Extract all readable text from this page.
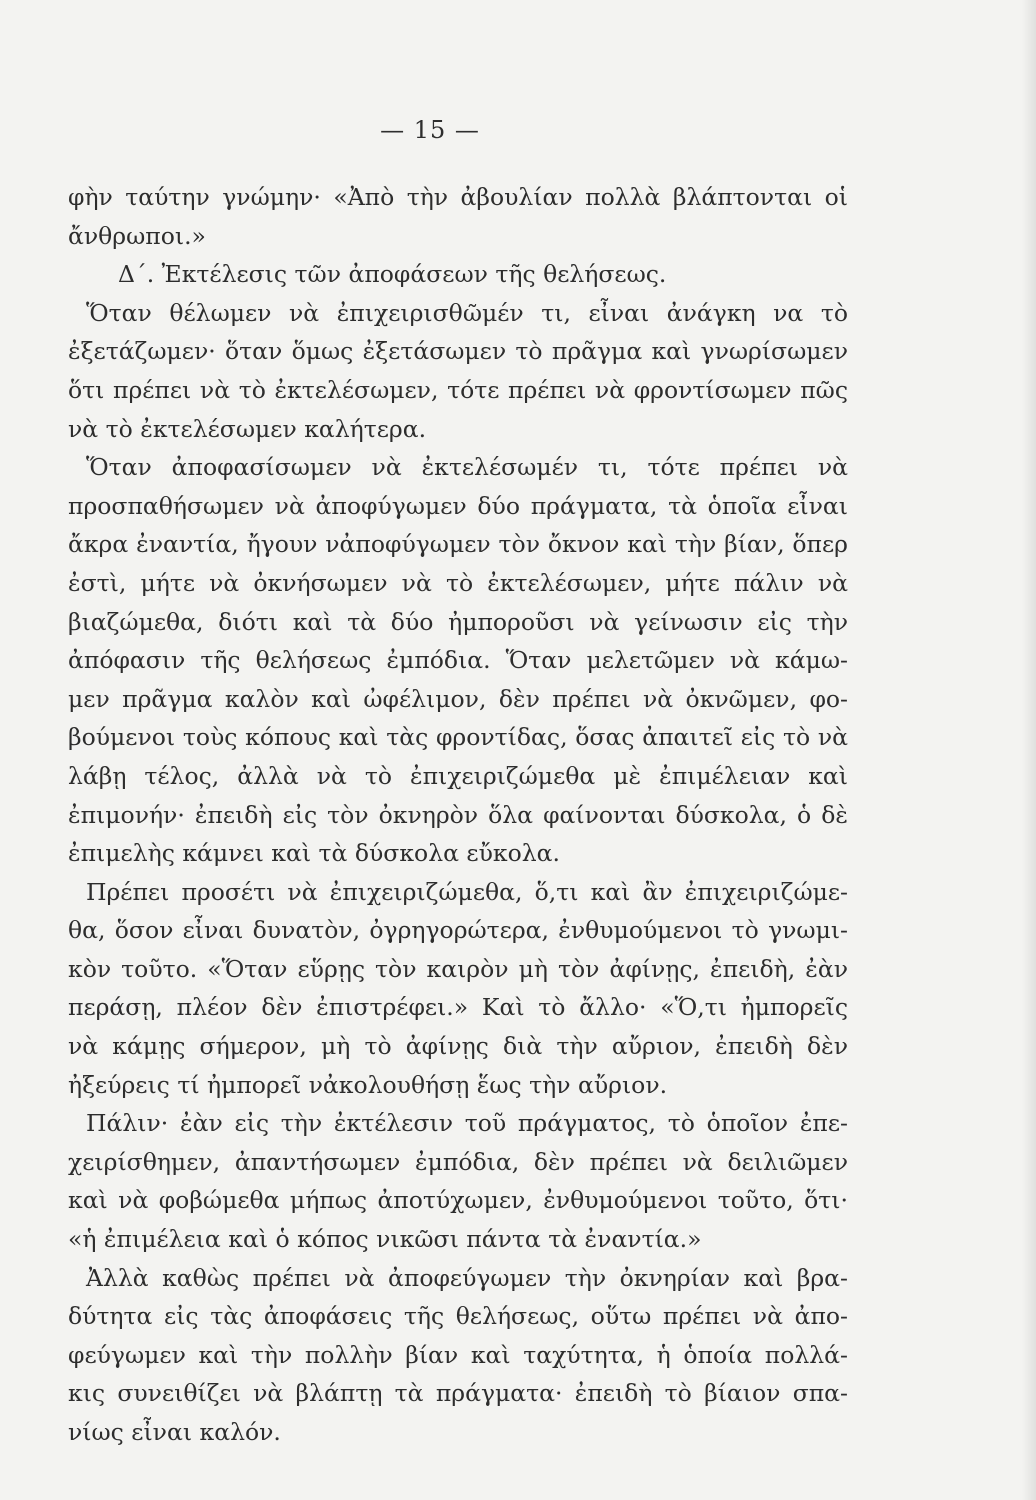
— 15 —
φὴν ταύτην γνώμην· «Ἀπὸ τὴν ἀβουλίαν πολλὰ βλάπτονται οἱ
ἄνθρωποι.»
Δ΄. Ἐκτέλεσις τῶν ἀποφάσεων τῆς θελήσεως.
Ὅταν θέλωμεν νὰ ἐπιχειρισθῶμέν τι, εἶναι ἀνάγκη να τὸ
ἐξετάζωμεν· ὅταν ὅμως ἐξετάσωμεν τὸ πρᾶγμα καὶ γνωρίσωμεν
ὅτι πρέπει νὰ τὸ ἐκτελέσωμεν, τότε πρέπει νὰ φροντίσωμεν πῶς
νὰ τὸ ἐκτελέσωμεν καλήτερα.
Ὅταν ἀποφασίσωμεν νὰ ἐκτελέσωμέν τι, τότε πρέπει νὰ
προσπαθήσωμεν νὰ ἀποφύγωμεν δύο πράγματα, τὰ ὁποῖα εἶναι
ἄκρα ἐναντία, ἤγουν νἀποφύγωμεν τὸν ὄκνον καὶ τὴν βίαν, ὅπερ
ἐστὶ, μήτε νὰ ὀκνήσωμεν νὰ τὸ ἐκτελέσωμεν, μήτε πάλιν νὰ
βιαζώμεθα, διότι καὶ τὰ δύο ἠμποροῦσι νὰ γείνωσιν εἰς τὴν
ἀπόφασιν τῆς θελήσεως ἐμπόδια. Ὅταν μελετῶμεν νὰ κάμω-
μεν πρᾶγμα καλὸν καὶ ὠφέλιμον, δὲν πρέπει νὰ ὀκνῶμεν, φο-
βούμενοι τοὺς κόπους καὶ τὰς φροντίδας, ὅσας ἀπαιτεῖ εἰς τὸ νὰ
λάβῃ τέλος, ἀλλὰ νὰ τὸ ἐπιχειριζώμεθα μὲ ἐπιμέλειαν καὶ
ἐπιμονήν· ἐπειδὴ εἰς τὸν ὀκνηρὸν ὅλα φαίνονται δύσκολα, ὁ δὲ
ἐπιμελὴς κάμνει καὶ τὰ δύσκολα εὔκολα.
Πρέπει προσέτι νὰ ἐπιχειριζώμεθα, ὅ,τι καὶ ἂν ἐπιχειριζώμε-
θα, ὅσον εἶναι δυνατὸν, ὀγρηγορώτερα, ἐνθυμούμενοι τὸ γνωμι-
κὸν τοῦτο. «Ὅταν εὕρῃς τὸν καιρὸν μὴ τὸν ἀφίνῃς, ἐπειδὴ, ἐὰν
περάσῃ, πλέον δὲν ἐπιστρέφει.» Καὶ τὸ ἄλλο· «Ὅ,τι ἠμπορεῖς
νὰ κάμῃς σήμερον, μὴ τὸ ἀφίνῃς διὰ τὴν αὔριον, ἐπειδὴ δὲν
ἠξεύρεις τί ἠμπορεῖ νἀκολουθήσῃ ἕως τὴν αὔριον.
Πάλιν· ἐὰν εἰς τὴν ἐκτέλεσιν τοῦ πράγματος, τὸ ὁποῖον ἐπε-
χειρίσθημεν, ἀπαντήσωμεν ἐμπόδια, δὲν πρέπει νὰ δειλιῶμεν
καὶ νὰ φοβώμεθα μήπως ἀποτύχωμεν, ἐνθυμούμενοι τοῦτο, ὅτι·
«ἡ ἐπιμέλεια καὶ ὁ κόπος νικῶσι πάντα τὰ ἐναντία.»
Ἀλλὰ καθὼς πρέπει νὰ ἀποφεύγωμεν τὴν ὀκνηρίαν καὶ βρα-
δύτητα εἰς τὰς ἀποφάσεις τῆς θελήσεως, οὕτω πρέπει νὰ ἀπο-
φεύγωμεν καὶ τὴν πολλὴν βίαν καὶ ταχύτητα, ἡ ὁποία πολλά-
κις συνειθίζει νὰ βλάπτῃ τὰ πράγματα· ἐπειδὴ τὸ βίαιον σπα-
νίως εἶναι καλόν.
